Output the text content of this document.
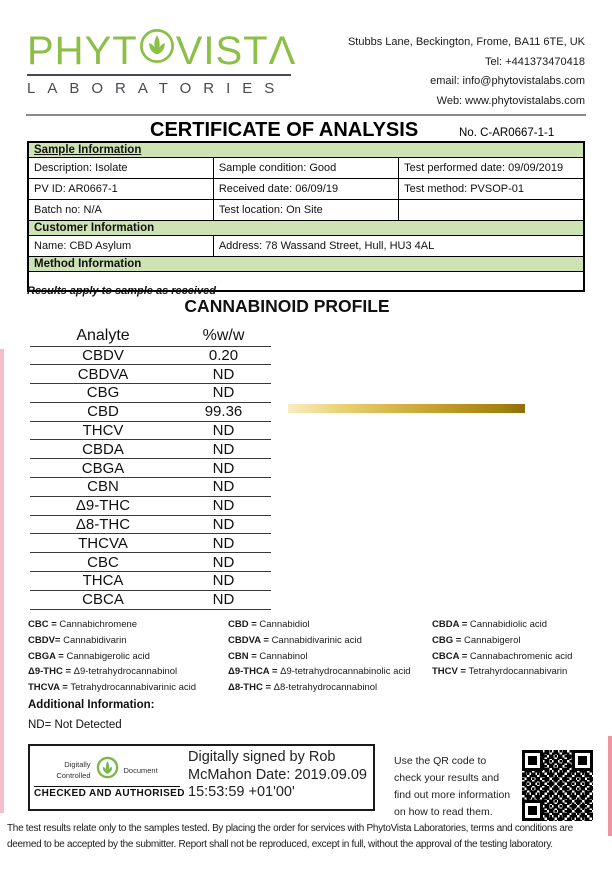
PHYT VIST Λ
LABORATORIES
Stubbs Lane, Beckington, Frome, BA11 6TE, UK
Tel: +441373470418
email: info@phytovistalabs.com
Web: www.phytovistalabs.com
CERTIFICATE OF ANALYSIS	No. C-AR0667-1-1
Sample Information		
Description: Isolate	Sample condition: Good	Test performed date: 09/09/2019
PV ID: AR0667-1	Received date: 06/09/19	Test method: PVSOP-01
Batch no: N/A	Test location: On Site	
Customer Information		
Name: CBD Asylum	Address: 78 Wassand Street, Hull, HU3 4AL	
Method Information		

Results apply to sample as received
CANNABINOID PROFILE
Analyte	%w/w
CBDV	0.20
CBDVA	ND
CBG	ND
CBD	99.36
THCV	ND
CBDA	ND
CBGA	ND
CBN	ND
Δ9-THC	ND
Δ8-THC	ND
THCVA	ND
CBC	ND
THCA	ND
CBCA	ND
CBC = Cannabichromene
CBDV= Cannabidivarin
CBGA = Cannabigerolic acid
Δ9-THC = Δ9-tetrahydrocannabinol
THCVA = Tetrahydrocannabivarinic acid
CBD = Cannabidiol
CBDVA = Cannabidivarinic acid
CBN = Cannabinol
Δ9-THCA = Δ9-tetrahydrocannabinolic acid
Δ8-THC = Δ8-tetrahydrocannabinol
CBDA = Cannabidiolic acid
CBG = Cannabigerol
CBCA = Cannabachromenic acid
THCV = Tetrahyrdocannabivarin
Additional Information:
ND= Not Detected
Digitally
Controlled
Document
CHECKED AND AUTHORISED
Digitally signed by Rob McMahon Date: 2019.09.09 15:53:59 +01'00'
Use the QR code to check your results and find out more information on how to read them.
The test results relate only to the samples tested. By placing the order for services with PhytoVista Laboratories, terms and conditions are deemed to be accepted by the submitter. Report shall not be reproduced, except in full, without the approval of the testing laboratory.
